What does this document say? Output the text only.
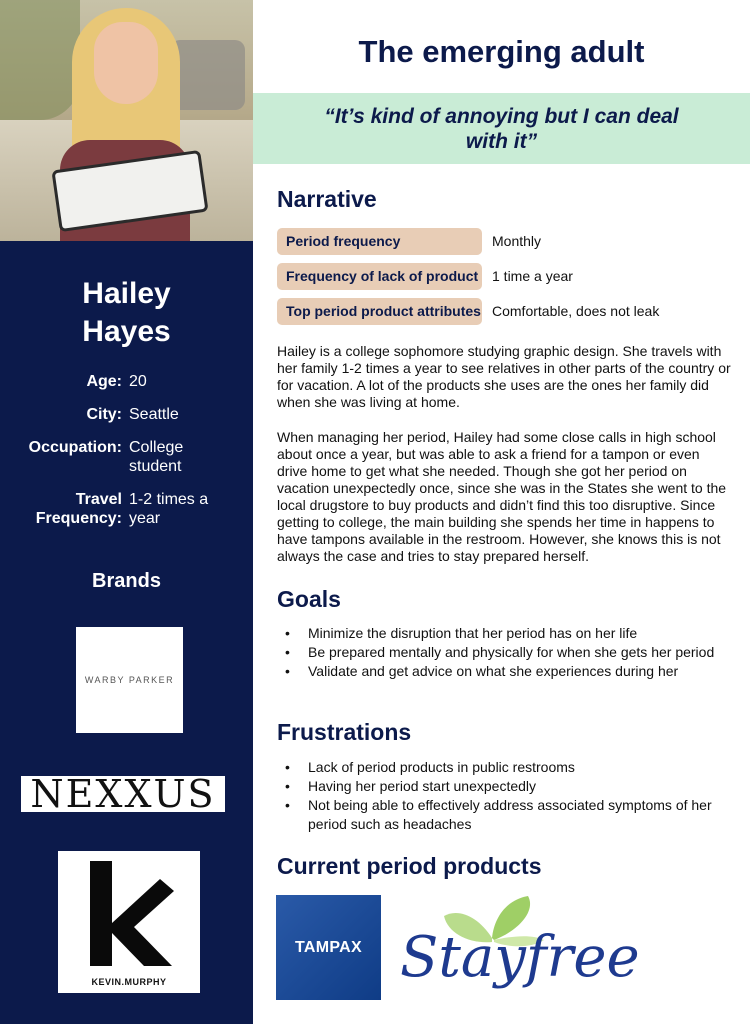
Hailey
Hayes
Age: 20
City: Seattle
Occupation: College student
Travel Frequency:
1-2 times a year
Brands
WARBY PARKER
NEXXUS
KEVIN.MURPHY
The emerging adult
“It’s kind of annoying but I can deal with it”
Narrative
Period frequency	Monthly
Frequency of lack of product 1 time a year
Top period product attributes Comfortable, does not leak
Hailey is a college sophomore studying graphic design. She travels with her family 1-2 times a year to see relatives in other parts of the country or for vacation. A lot of the products she uses are the ones her family did when she was living at home.
When managing her period, Hailey had some close calls in high school about once a year, but was able to ask a friend for a tampon or even drive home to get what she needed. Though she got her period on vacation unexpectedly once, since she was in the States she went to the local drugstore to buy products and didn’t find this too disruptive. Since getting to college, the main building she spends her time in happens to have tampons available in the restroom. However, she knows this is not always the case and tries to stay prepared herself.
Goals
• Minimize the disruption that her period has on her life
• Be prepared mentally and physically for when she gets her period
• Validate and get advice on what she experiences during her
Frustrations
• Lack of period products in public restrooms
• Having her period start unexpectedly
• Not being able to effectively address associated symptoms of her period such as headaches
Current period products
TAMPAX Stayfree
